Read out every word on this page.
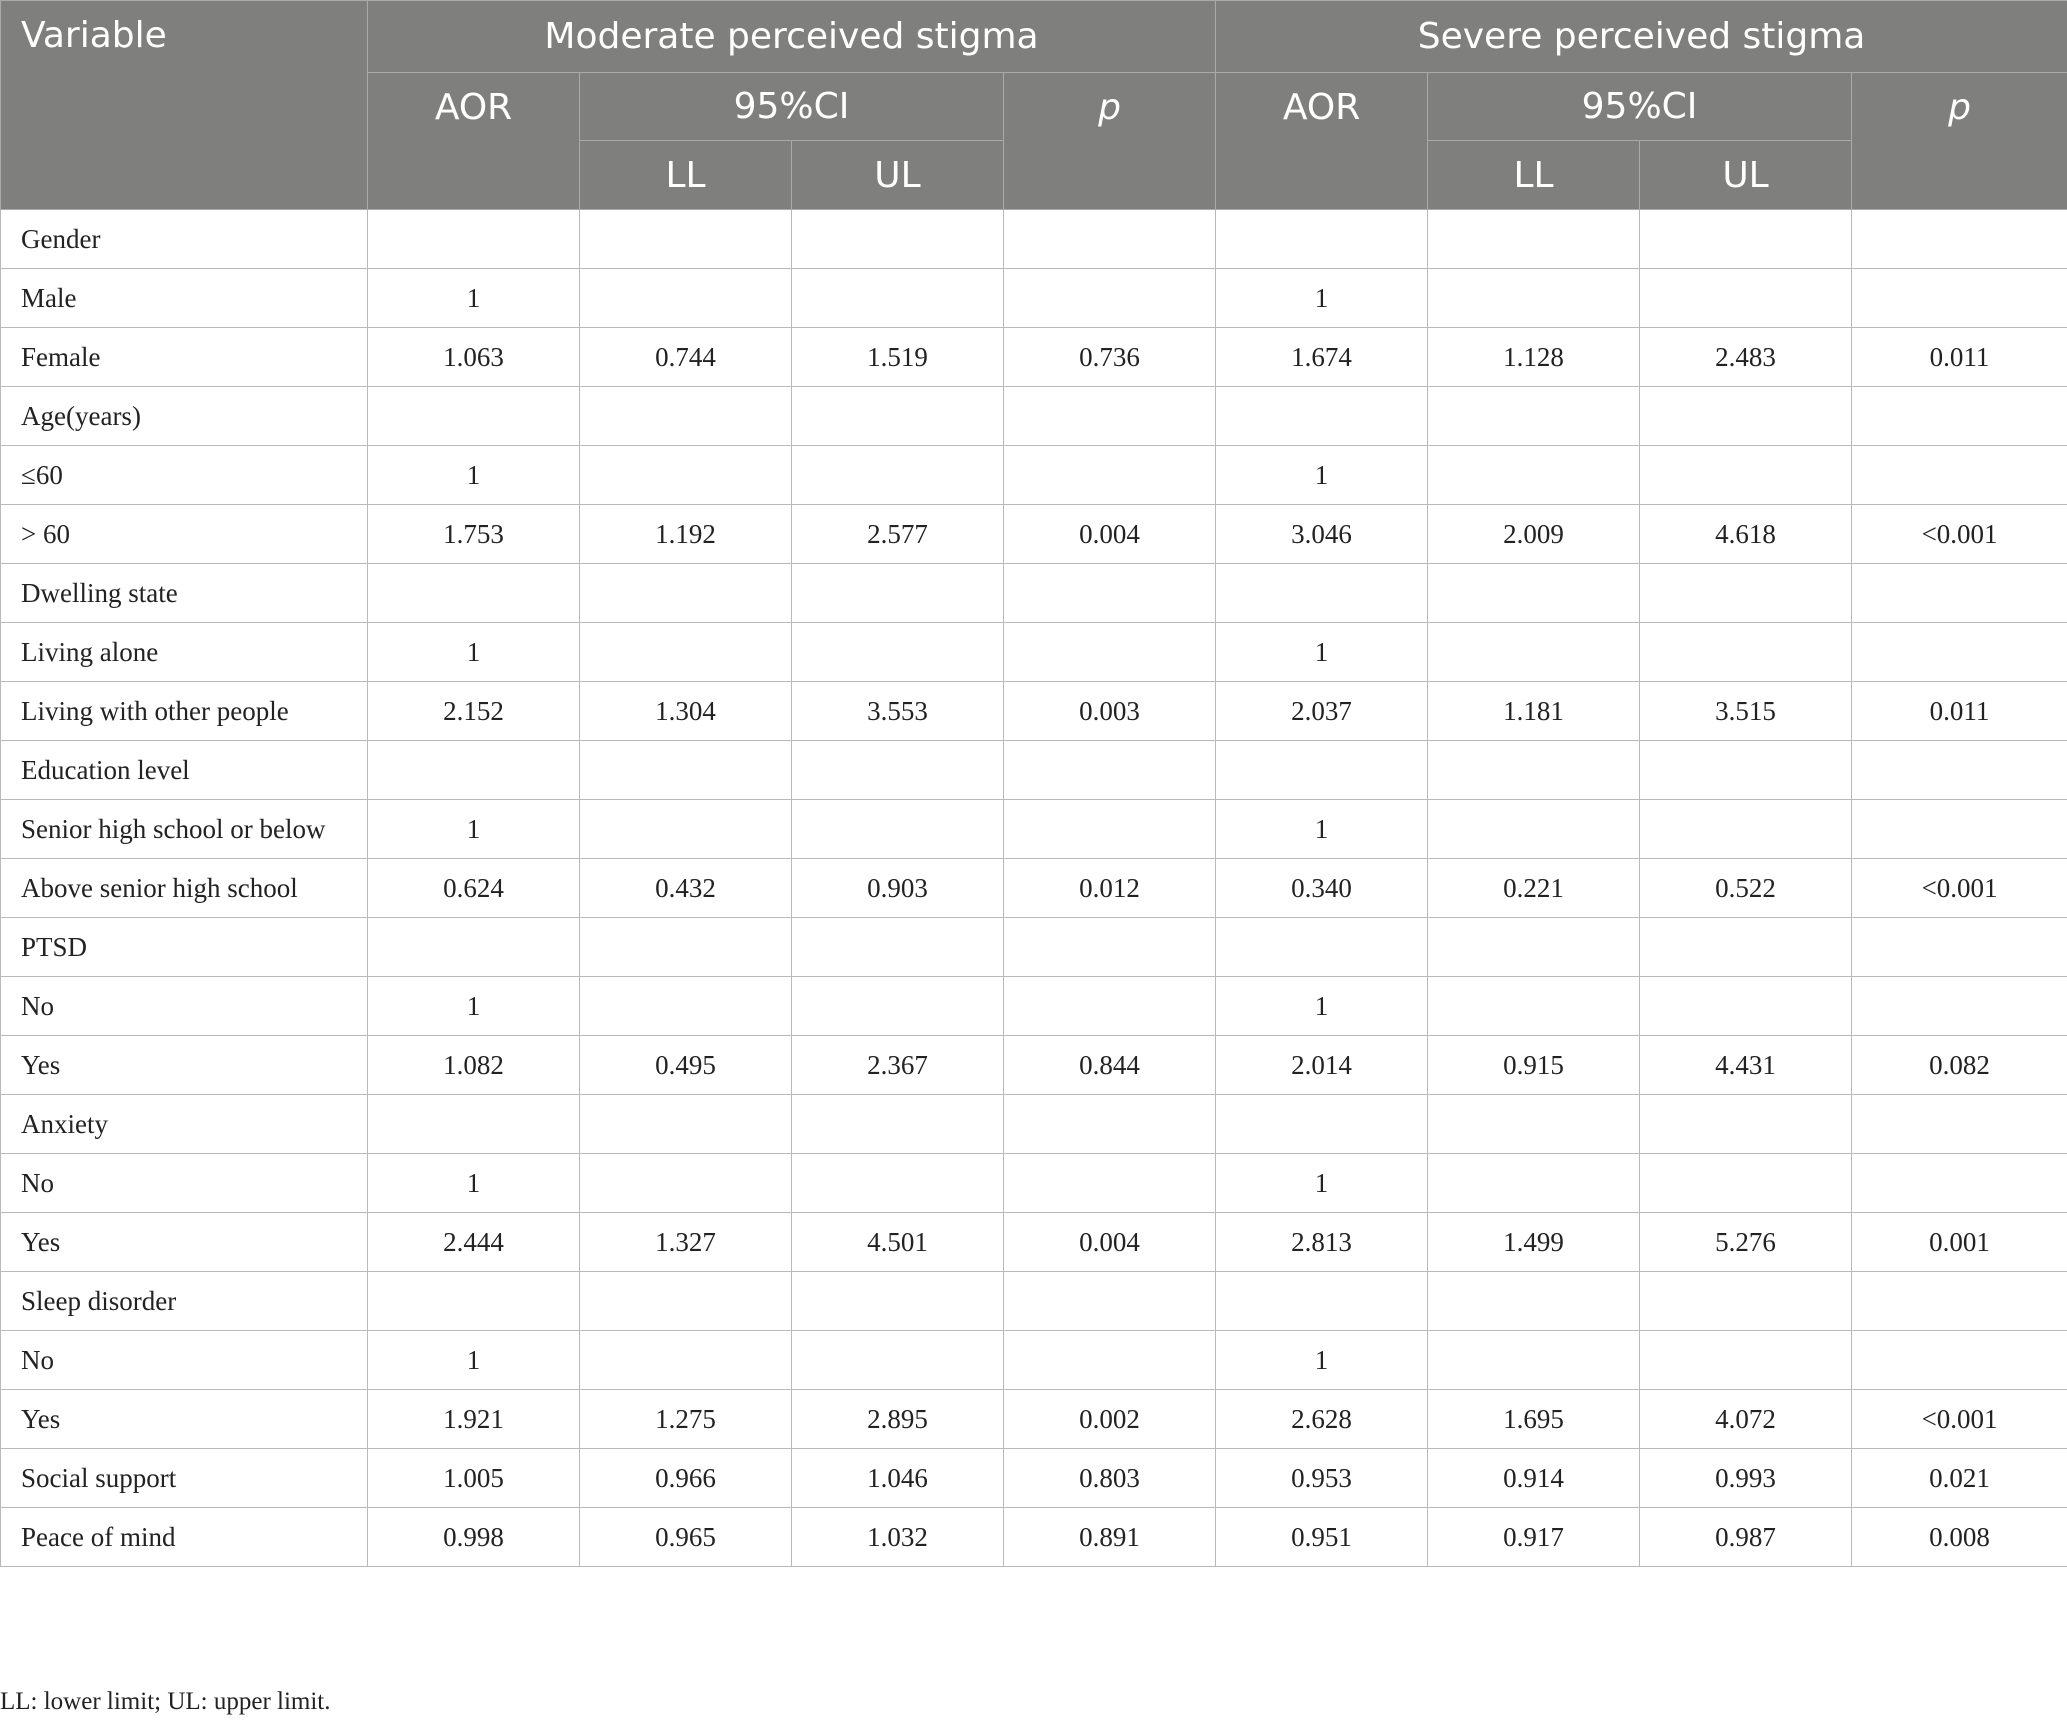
Variable	Moderate perceived stigma				Severe perceived stigma			
	AOR	95%CI		p	AOR	95%CI		p
		LL	UL			LL	UL	
Gender								
Male	1				1			
Female	1.063	0.744	1.519	0.736	1.674	1.128	2.483	0.011
Age(years)								
≤60	1				1			
> 60	1.753	1.192	2.577	0.004	3.046	2.009	4.618	<0.001
Dwelling state								
Living alone	1				1			
Living with other people	2.152	1.304	3.553	0.003	2.037	1.181	3.515	0.011
Education level								
Senior high school or below	1				1			
Above senior high school	0.624	0.432	0.903	0.012	0.340	0.221	0.522	<0.001
PTSD								
No	1				1			
Yes	1.082	0.495	2.367	0.844	2.014	0.915	4.431	0.082
Anxiety								
No	1				1			
Yes	2.444	1.327	4.501	0.004	2.813	1.499	5.276	0.001
Sleep disorder								
No	1				1			
Yes	1.921	1.275	2.895	0.002	2.628	1.695	4.072	<0.001
Social support	1.005	0.966	1.046	0.803	0.953	0.914	0.993	0.021
Peace of mind	0.998	0.965	1.032	0.891	0.951	0.917	0.987	0.008
LL: lower limit; UL: upper limit.
